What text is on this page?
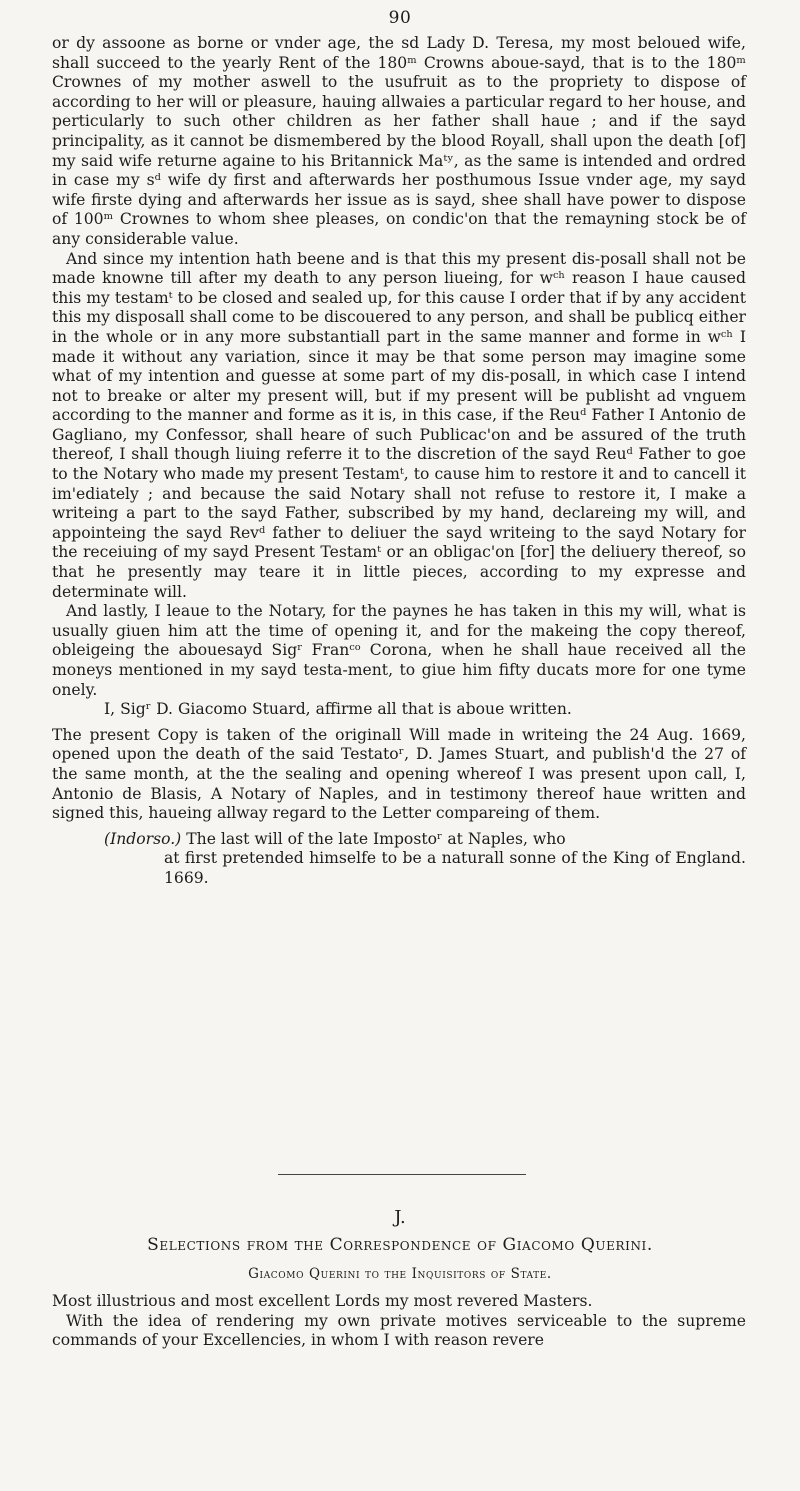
90

or dy assoone as borne or vnder age, the sd Lady D. Teresa, my most beloued wife, shall succeed to the yearly Rent of the 180ᵐ Crowns aboue-sayd, that is to the 180ᵐ Crownes of my mother aswell to the usufruit as to the propriety to dispose of according to her will or pleasure, hauing allwaies a particular regard to her house, and perticularly to such other children as her father shall haue ; and if the sayd principality, as it cannot be dismembered by the blood Royall, shall upon the death [of] my said wife returne againe to his Britannick Maᵗʸ, as the same is intended and ordred in case my sᵈ wife dy first and afterwards her posthumous Issue vnder age, my sayd wife firste dying and afterwards her issue as is sayd, shee shall have power to dispose of 100ᵐ Crownes to whom shee pleases, on condic'on that the remayning stock be of any considerable value.

And since my intention hath beene and is that this my present dis-posall shall not be made knowne till after my death to any person liueing, for wᶜʰ reason I haue caused this my testamᵗ to be closed and sealed up, for this cause I order that if by any accident this my disposall shall come to be discouered to any person, and shall be publicq either in the whole or in any more substantiall part in the same manner and forme in wᶜʰ I made it without any variation, since it may be that some person may imagine some what of my intention and guesse at some part of my dis-posall, in which case I intend not to breake or alter my present will, but if my present will be publisht ad vnguem according to the manner and forme as it is, in this case, if the Reuᵈ Father I Antonio de Gagliano, my Confessor, shall heare of such Publicac'on and be assured of the truth thereof, I shall though liuing referre it to the discretion of the sayd Reuᵈ Father to goe to the Notary who made my present Testamᵗ, to cause him to restore it and to cancell it im'ediately ; and because the said Notary shall not refuse to restore it, I make a writeing a part to the sayd Father, subscribed by my hand, declareing my will, and appointeing the sayd Revᵈ father to deliuer the sayd writeing to the sayd Notary for the receiuing of my sayd Present Testamᵗ or an obligac'on [for] the deliuery thereof, so that he presently may teare it in little pieces, according to my expresse and determinate will.

And lastly, I leaue to the Notary, for the paynes he has taken in this my will, what is usually giuen him att the time of opening it, and for the makeing the copy thereof, obleigeing the abouesayd Sigʳ Franᶜᵒ Corona, when he shall haue received all the moneys mentioned in my sayd testa-ment, to giue him fifty ducats more for one tyme onely.

I, Sigʳ D. Giacomo Stuard, affirme all that is aboue written.

The present Copy is taken of the originall Will made in writeing the 24 Aug. 1669, opened upon the death of the said Testatoʳ, D. James Stuart, and publish'd the 27 of the same month, at the the sealing and opening whereof I was present upon call, I, Antonio de Blasis, A Notary of Naples, and in testimony thereof haue written and signed this, haueing allway regard to the Letter compareing of them.

(Indorso.) The last will of the late Impostoʳ at Naples, who
at first pretended himselfe to be a naturall sonne of the King of England. 1669.

J.
Selections from the Correspondence of Giacomo Querini.
Giacomo Querini to the Inquisitors of State.

Most illustrious and most excellent Lords my most revered Masters.

With the idea of rendering my own private motives serviceable to the supreme commands of your Excellencies, in whom I with reason revere
